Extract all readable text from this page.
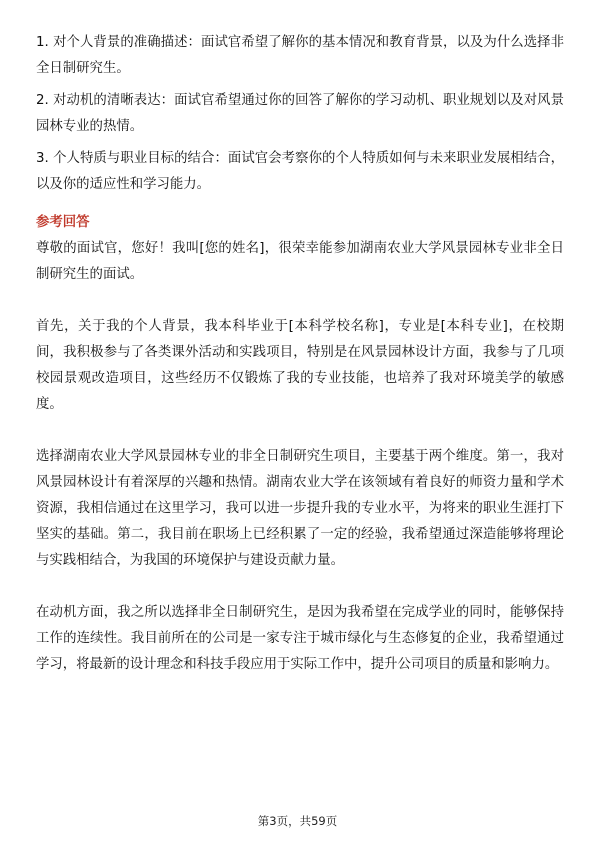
1. 对个人背景的准确描述：面试官希望了解你的基本情况和教育背景，以及为什么选择非全日制研究生。

2. 对动机的清晰表达：面试官希望通过你的回答了解你的学习动机、职业规划以及对风景园林专业的热情。

3. 个人特质与职业目标的结合：面试官会考察你的个人特质如何与未来职业发展相结合，以及你的适应性和学习能力。

参考回答

尊敬的面试官，您好！我叫[您的姓名]，很荣幸能参加湖南农业大学风景园林专业非全日制研究生的面试。

首先，关于我的个人背景，我本科毕业于[本科学校名称]，专业是[本科专业]，在校期间，我积极参与了各类课外活动和实践项目，特别是在风景园林设计方面，我参与了几项校园景观改造项目，这些经历不仅锻炼了我的专业技能，也培养了我对环境美学的敏感度。

选择湖南农业大学风景园林专业的非全日制研究生项目，主要基于两个维度。第一，我对风景园林设计有着深厚的兴趣和热情。湖南农业大学在该领域有着良好的师资力量和学术资源，我相信通过在这里学习，我可以进一步提升我的专业水平，为将来的职业生涯打下坚实的基础。第二，我目前在职场上已经积累了一定的经验，我希望通过深造能够将理论与实践相结合，为我国的环境保护与建设贡献力量。

在动机方面，我之所以选择非全日制研究生，是因为我希望在完成学业的同时，能够保持工作的连续性。我目前所在的公司是一家专注于城市绿化与生态修复的企业，我希望通过学习，将最新的设计理念和科技手段应用于实际工作中，提升公司项目的质量和影响力。

第3页，共59页
